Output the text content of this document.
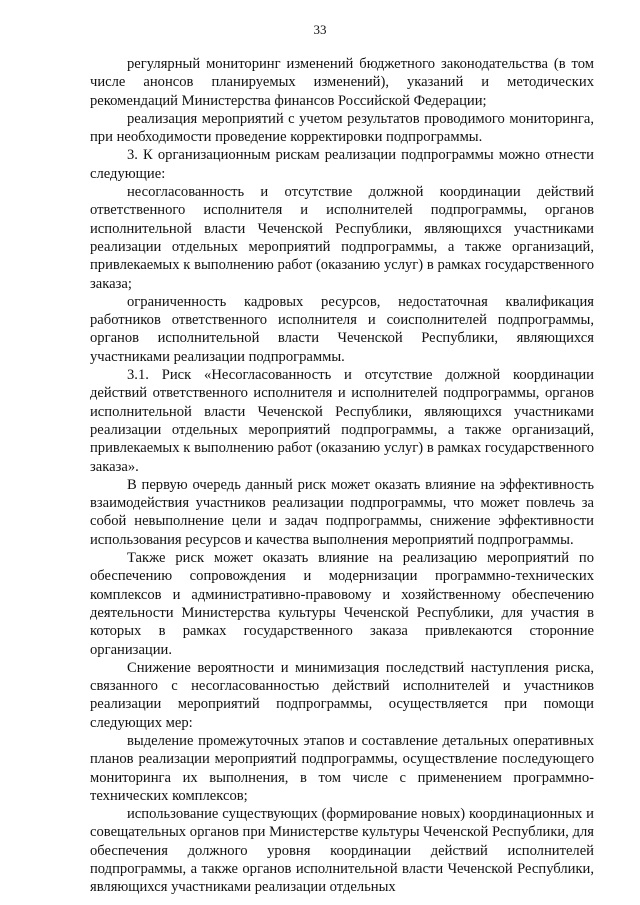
33

регулярный мониторинг изменений бюджетного законодательства (в том числе анонсов планируемых изменений), указаний и методических рекомендаций Министерства финансов Российской Федерации;

реализация мероприятий с учетом результатов проводимого мониторинга, при необходимости проведение корректировки подпрограммы.

3. К организационным рискам реализации подпрограммы можно отнести следующие:

несогласованность и отсутствие должной координации действий ответственного исполнителя и исполнителей подпрограммы, органов исполнительной власти Чеченской Республики, являющихся участниками реализации отдельных мероприятий подпрограммы, а также организаций, привлекаемых к выполнению работ (оказанию услуг) в рамках государственного заказа;

ограниченность кадровых ресурсов, недостаточная квалификация работников ответственного исполнителя и соисполнителей подпрограммы, органов исполнительной власти Чеченской Республики, являющихся участниками реализации подпрограммы.

3.1. Риск «Несогласованность и отсутствие должной координации действий ответственного исполнителя и исполнителей подпрограммы, органов исполнительной власти Чеченской Республики, являющихся участниками реализации отдельных мероприятий подпрограммы, а также организаций, привлекаемых к выполнению работ (оказанию услуг) в рамках государственного заказа».

В первую очередь данный риск может оказать влияние на эффективность взаимодействия участников реализации подпрограммы, что может повлечь за собой невыполнение цели и задач подпрограммы, снижение эффективности использования ресурсов и качества выполнения мероприятий подпрограммы.

Также риск может оказать влияние на реализацию мероприятий по обеспечению сопровождения и модернизации программно-технических комплексов и административно-правовому и хозяйственному обеспечению деятельности Министерства культуры Чеченской Республики, для участия в которых в рамках государственного заказа привлекаются сторонние организации.

Снижение вероятности и минимизация последствий наступления риска, связанного с несогласованностью действий исполнителей и участников реализации мероприятий подпрограммы, осуществляется при помощи следующих мер:

выделение промежуточных этапов и составление детальных оперативных планов реализации мероприятий подпрограммы, осуществление последующего мониторинга их выполнения, в том числе с применением программно-технических комплексов;

использование существующих (формирование новых) координационных и совещательных органов при Министерстве культуры Чеченской Республики, для обеспечения должного уровня координации действий исполнителей подпрограммы, а также органов исполнительной власти Чеченской Республики, являющихся участниками реализации отдельных
